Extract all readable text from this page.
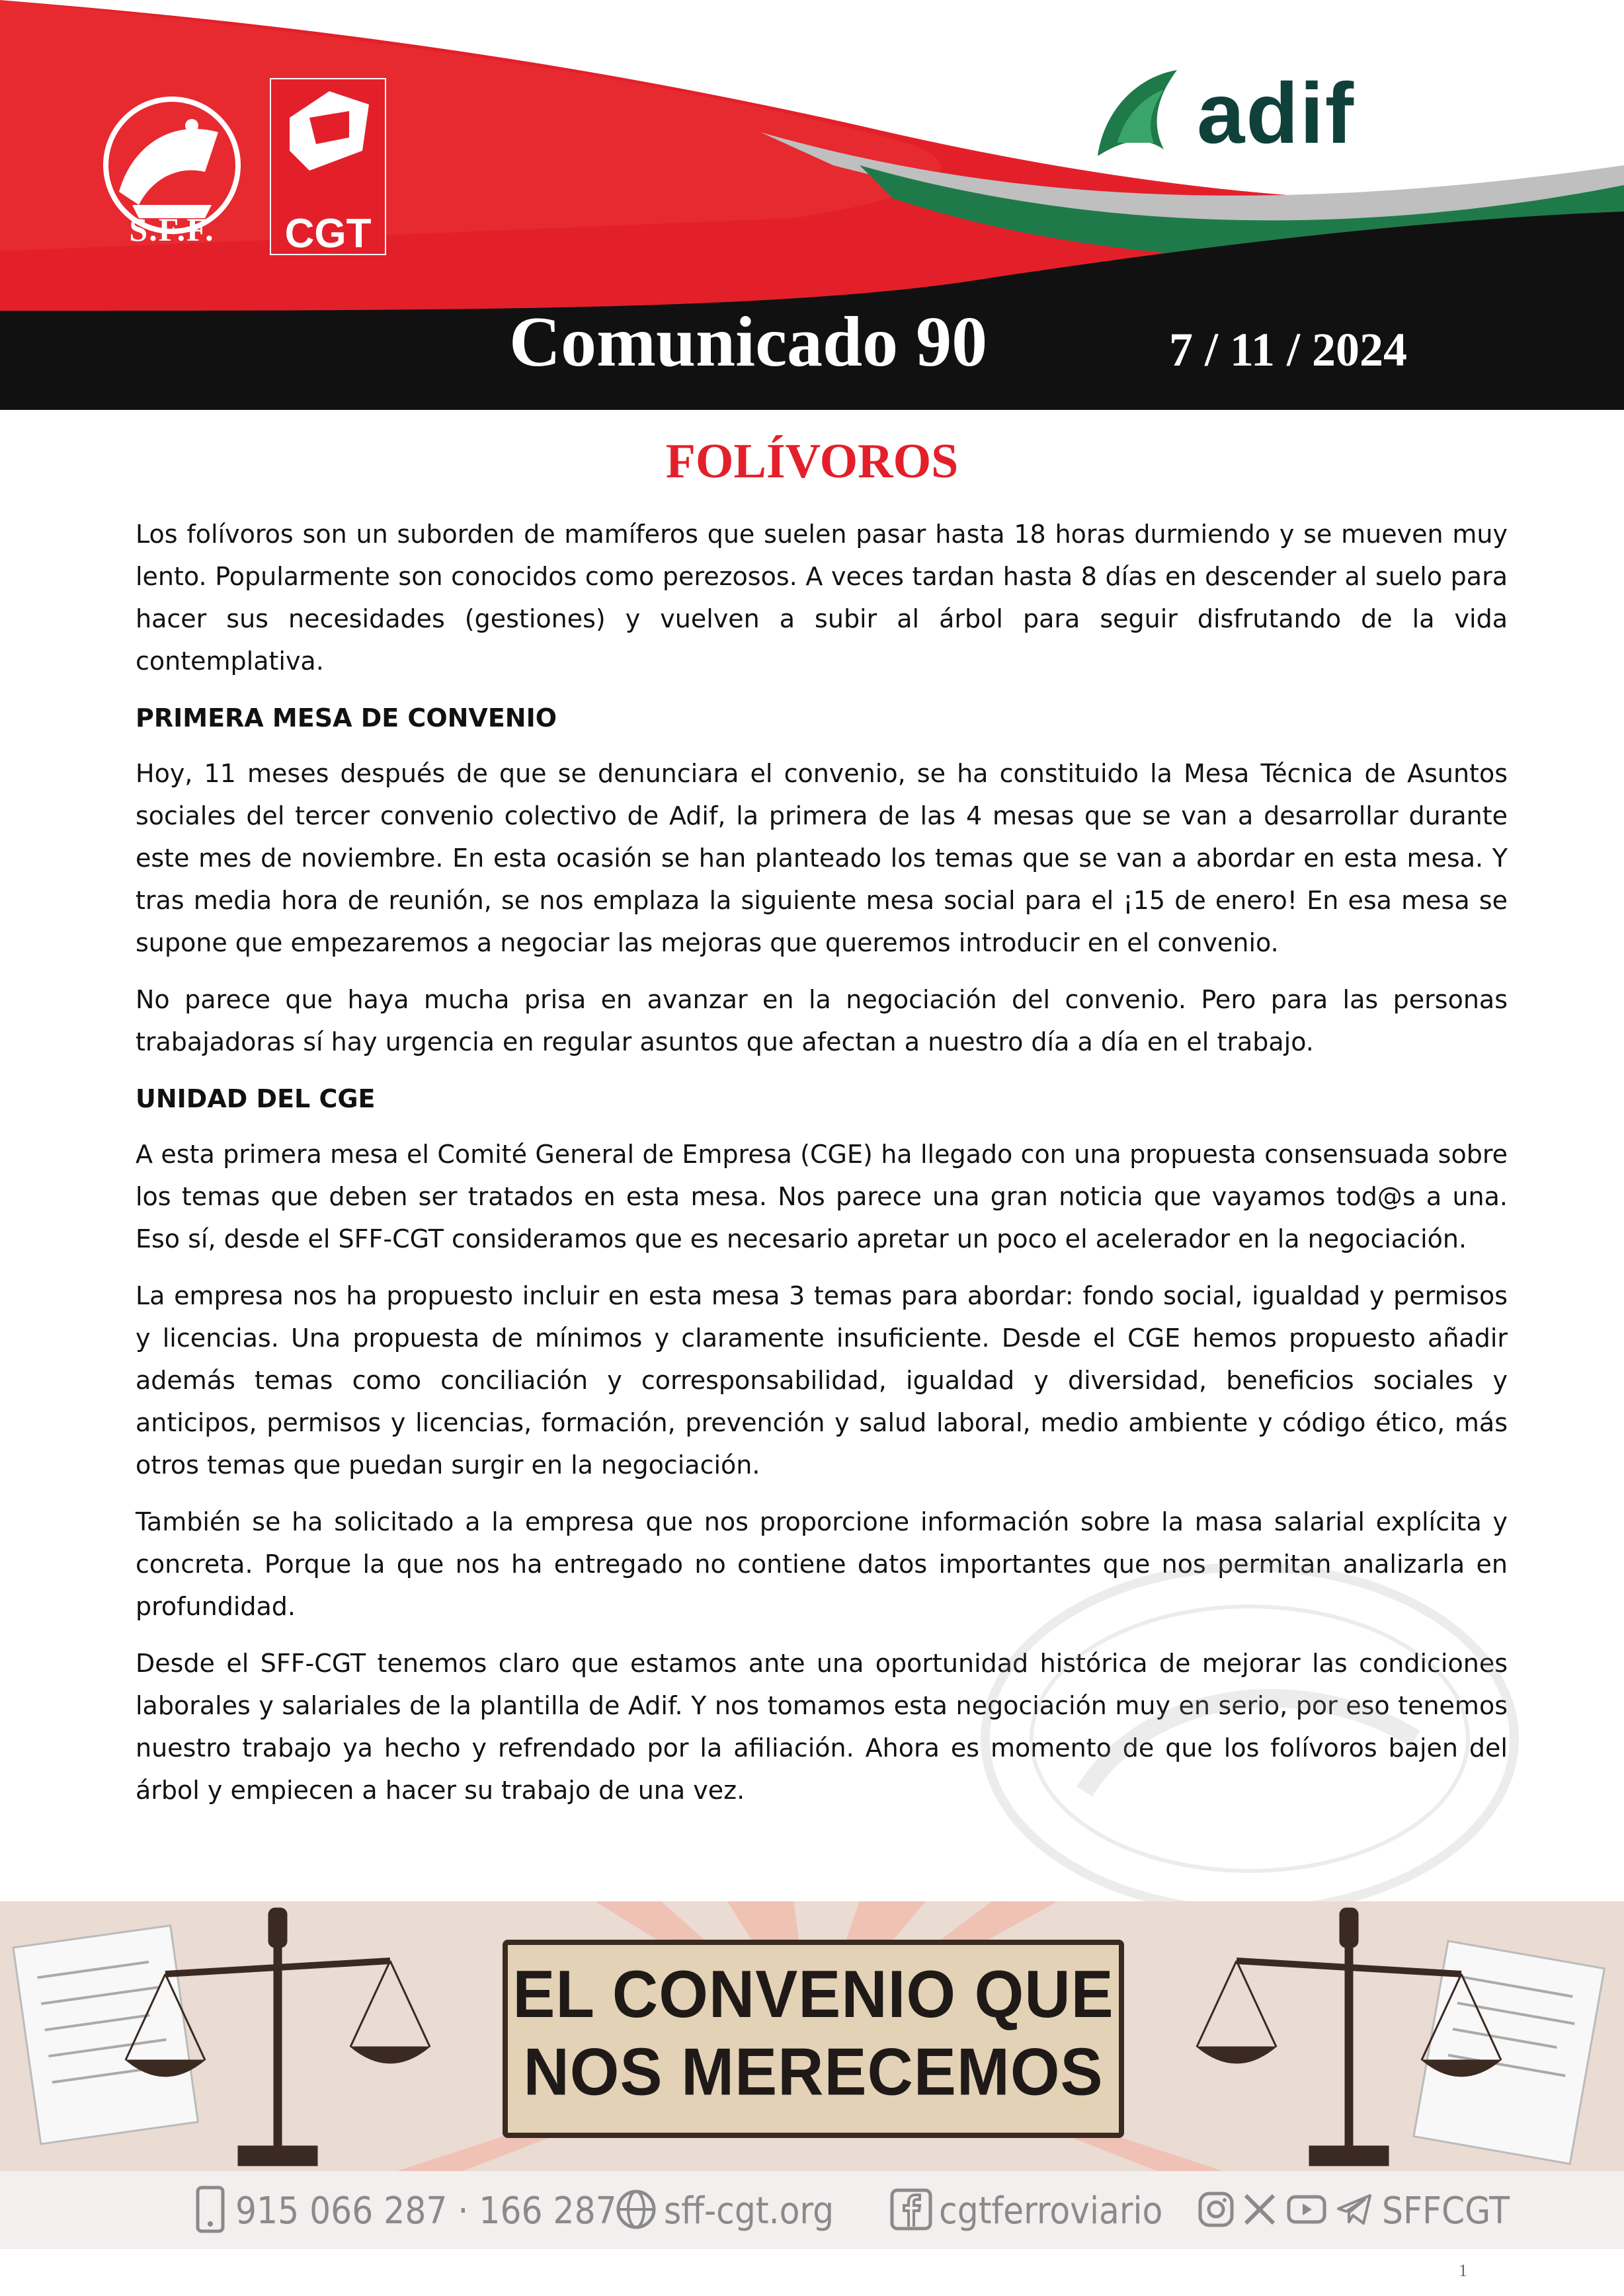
S.F.F.	CGT
adif
Comunicado 90	7 / 11 / 2024
FOLÍVOROS

Los folívoros son un suborden de mamíferos que suelen pasar hasta 18 horas durmiendo y se mueven muy lento. Popularmente son conocidos como perezosos. A veces tardan hasta 8 días en descender al suelo para hacer sus necesidades (gestiones) y vuelven a subir al árbol para seguir disfrutando de la vida contemplativa.

PRIMERA MESA DE CONVENIO

Hoy, 11 meses después de que se denunciara el convenio, se ha constituido la Mesa Técnica de Asuntos sociales del tercer convenio colectivo de Adif, la primera de las 4 mesas que se van a desarrollar durante este mes de noviembre. En esta ocasión se han planteado los temas que se van a abordar en esta mesa. Y tras media hora de reunión, se nos emplaza la siguiente mesa social para el ¡15 de enero! En esa mesa se supone que empezaremos a negociar las mejoras que queremos introducir en el convenio.

No parece que haya mucha prisa en avanzar en la negociación del convenio. Pero para las personas trabajadoras sí hay urgencia en regular asuntos que afectan a nuestro día a día en el trabajo.

UNIDAD DEL CGE

A esta primera mesa el Comité General de Empresa (CGE) ha llegado con una propuesta consensuada sobre los temas que deben ser tratados en esta mesa. Nos parece una gran noticia que vayamos tod@s a una. Eso sí, desde el SFF-CGT consideramos que es necesario apretar un poco el acelerador en la negociación.

La empresa nos ha propuesto incluir en esta mesa 3 temas para abordar: fondo social, igualdad y permisos y licencias. Una propuesta de mínimos y claramente insuficiente. Desde el CGE hemos propuesto añadir además temas como conciliación y corresponsabilidad, igualdad y diversidad, beneficios sociales y anticipos, permisos y licencias, formación, prevención y salud laboral, medio ambiente y código ético, más otros temas que puedan surgir en la negociación.

También se ha solicitado a la empresa que nos proporcione información sobre la masa salarial explícita y concreta. Porque la que nos ha entregado no contiene datos importantes que nos permitan analizarla en profundidad.

Desde el SFF-CGT tenemos claro que estamos ante una oportunidad histórica de mejorar las condiciones laborales y salariales de la plantilla de Adif. Y nos tomamos esta negociación muy en serio, por eso tenemos nuestro trabajo ya hecho y refrendado por la afiliación. Ahora es momento de que los folívoros bajen del árbol y empiecen a hacer su trabajo de una vez.

EL CONVENIO QUE
NOS MERECEMOS
915 066 287 · 166 287 sff-cgt.org	cgtferroviario	SFFCGT
1
